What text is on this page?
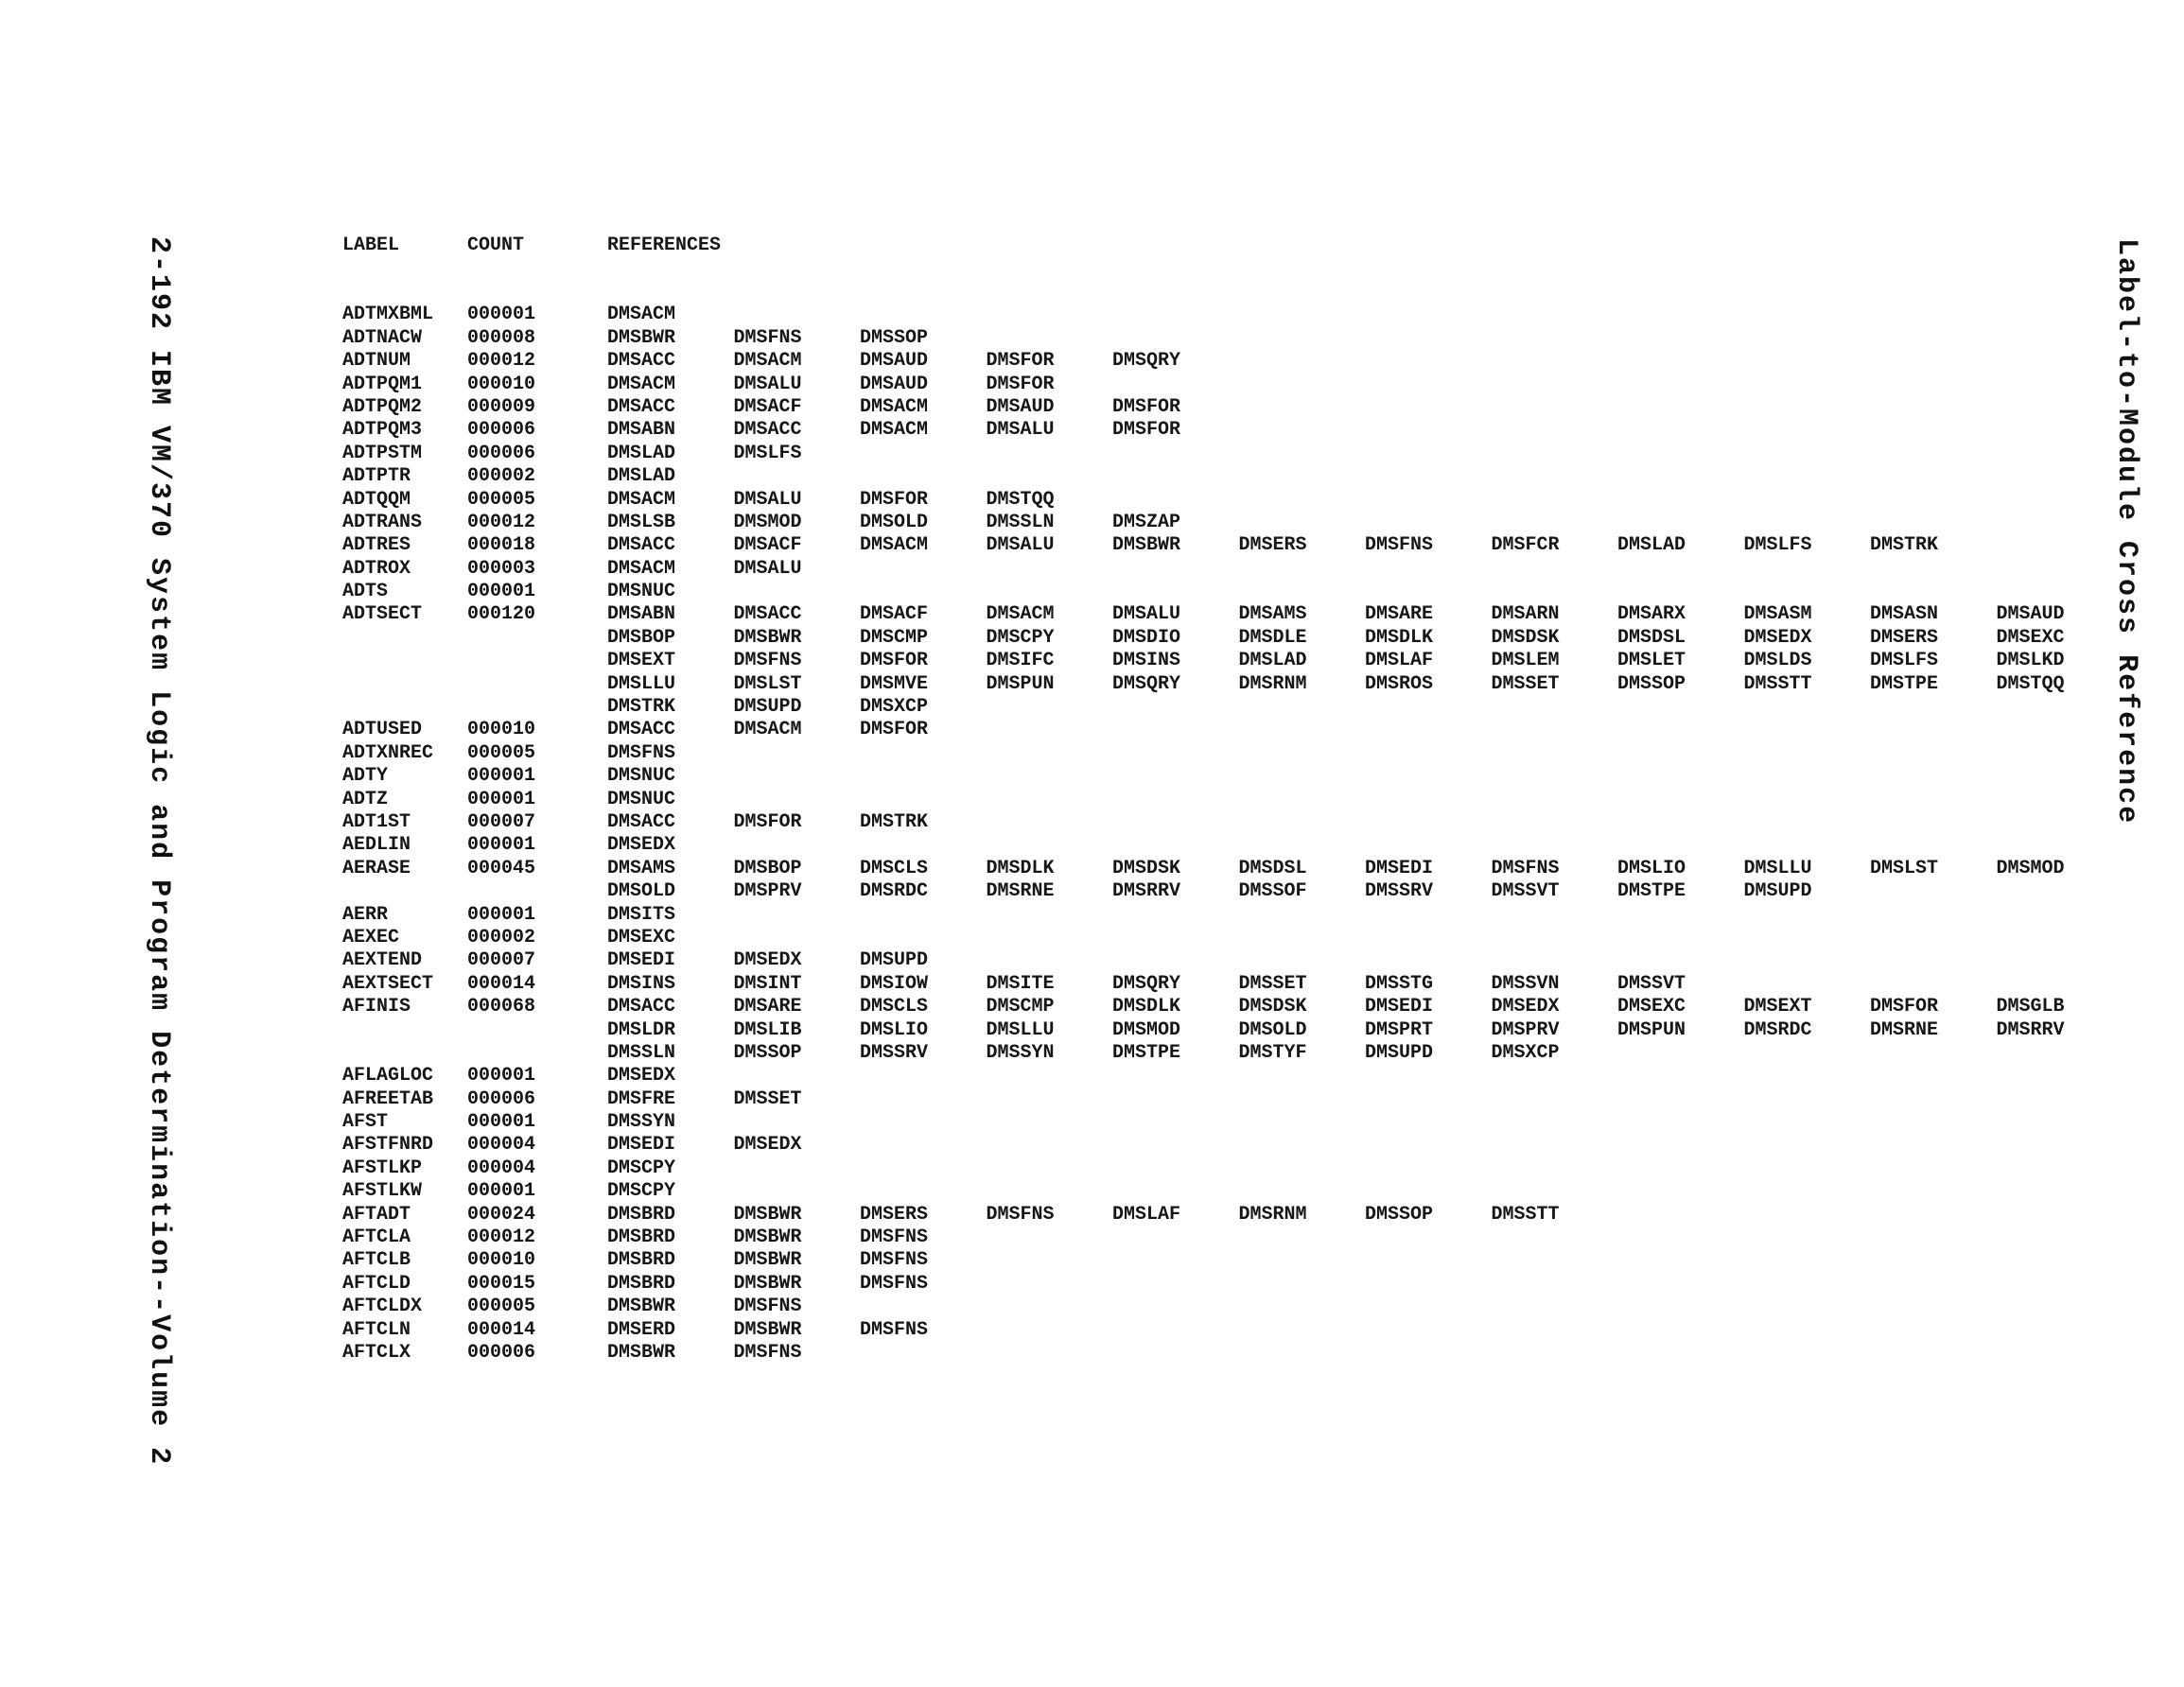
2-192 IBM VM/370 System Logic and Program Determination--Volume 2	Label-to-Module Cross Reference
LABEL	COUNT	REFERENCES
ADTMXBML	000001	DMSACM
ADTNACW	000008	DMSBWR	DMSFNS	DMSSOP
ADTNUM	000012	DMSACC	DMSACM	DMSAUD	DMSFOR	DMSQRY
ADTPQM1	000010	DMSACM	DMSALU	DMSAUD	DMSFOR
ADTPQM2	000009	DMSACC	DMSACF	DMSACM	DMSAUD	DMSFOR
ADTPQM3	000006	DMSABN	DMSACC	DMSACM	DMSALU	DMSFOR
ADTPSTM	000006	DMSLAD	DMSLFS
ADTPTR	000002	DMSLAD
ADTQQM	000005	DMSACM	DMSALU	DMSFOR	DMSTQQ
ADTRANS	000012	DMSLSB	DMSMOD	DMSOLD	DMSSLN	DMSZAP
ADTRES	000018	DMSACC	DMSACF	DMSACM	DMSALU	DMSBWR	DMSERS	DMSFNS	DMSFCR	DMSLAD	DMSLFS	DMSTRK
ADTROX	000003	DMSACM	DMSALU
ADTS	000001	DMSNUC
ADTSECT	000120	DMSABN	DMSACC	DMSACF	DMSACM	DMSALU	DMSAMS	DMSARE	DMSARN	DMSARX	DMSASM	DMSASN	DMSAUD
DMSBOP	DMSBWR	DMSCMP	DMSCPY	DMSDIO	DMSDLE	DMSDLK	DMSDSK	DMSDSL	DMSEDX	DMSERS	DMSEXC
DMSEXT	DMSFNS	DMSFOR	DMSIFC	DMSINS	DMSLAD	DMSLAF	DMSLEM	DMSLET	DMSLDS	DMSLFS	DMSLKD
DMSLLU	DMSLST	DMSMVE	DMSPUN	DMSQRY	DMSRNM	DMSROS	DMSSET	DMSSOP	DMSSTT	DMSTPE	DMSTQQ
DMSTRK	DMSUPD	DMSXCP
ADTUSED	000010	DMSACC	DMSACM	DMSFOR
ADTXNREC	000005	DMSFNS
ADTY	000001	DMSNUC
ADTZ	000001	DMSNUC
ADT1ST	000007	DMSACC	DMSFOR	DMSTRK
AEDLIN	000001	DMSEDX
AERASE	000045	DMSAMS	DMSBOP	DMSCLS	DMSDLK	DMSDSK	DMSDSL	DMSEDI	DMSFNS	DMSLIO	DMSLLU	DMSLST	DMSMOD
DMSOLD	DMSPRV	DMSRDC	DMSRNE	DMSRRV	DMSSOF	DMSSRV	DMSSVT	DMSTPE	DMSUPD
AERR	000001	DMSITS
AEXEC	000002	DMSEXC
AEXTEND	000007	DMSEDI	DMSEDX	DMSUPD
AEXTSECT	000014	DMSINS	DMSINT	DMSIOW	DMSITE	DMSQRY	DMSSET	DMSSTG	DMSSVN	DMSSVT
AFINIS	000068	DMSACC	DMSARE	DMSCLS	DMSCMP	DMSDLK	DMSDSK	DMSEDI	DMSEDX	DMSEXC	DMSEXT	DMSFOR	DMSGLB
DMSLDR	DMSLIB	DMSLIO	DMSLLU	DMSMOD	DMSOLD	DMSPRT	DMSPRV	DMSPUN	DMSRDC	DMSRNE	DMSRRV
DMSSLN	DMSSOP	DMSSRV	DMSSYN	DMSTPE	DMSTYF	DMSUPD	DMSXCP
AFLAGLOC	000001	DMSEDX
AFREETAB	000006	DMSFRE	DMSSET
AFST	000001	DMSSYN
AFSTFNRD	000004	DMSEDI	DMSEDX
AFSTLKP	000004	DMSCPY
AFSTLKW	000001	DMSCPY
AFTADT	000024	DMSBRD	DMSBWR	DMSERS	DMSFNS	DMSLAF	DMSRNM	DMSSOP	DMSSTT
AFTCLA	000012	DMSBRD	DMSBWR	DMSFNS
AFTCLB	000010	DMSBRD	DMSBWR	DMSFNS
AFTCLD	000015	DMSBRD	DMSBWR	DMSFNS
AFTCLDX	000005	DMSBWR	DMSFNS
AFTCLN	000014	DMSERD	DMSBWR	DMSFNS
AFTCLX	000006	DMSBWR	DMSFNS
